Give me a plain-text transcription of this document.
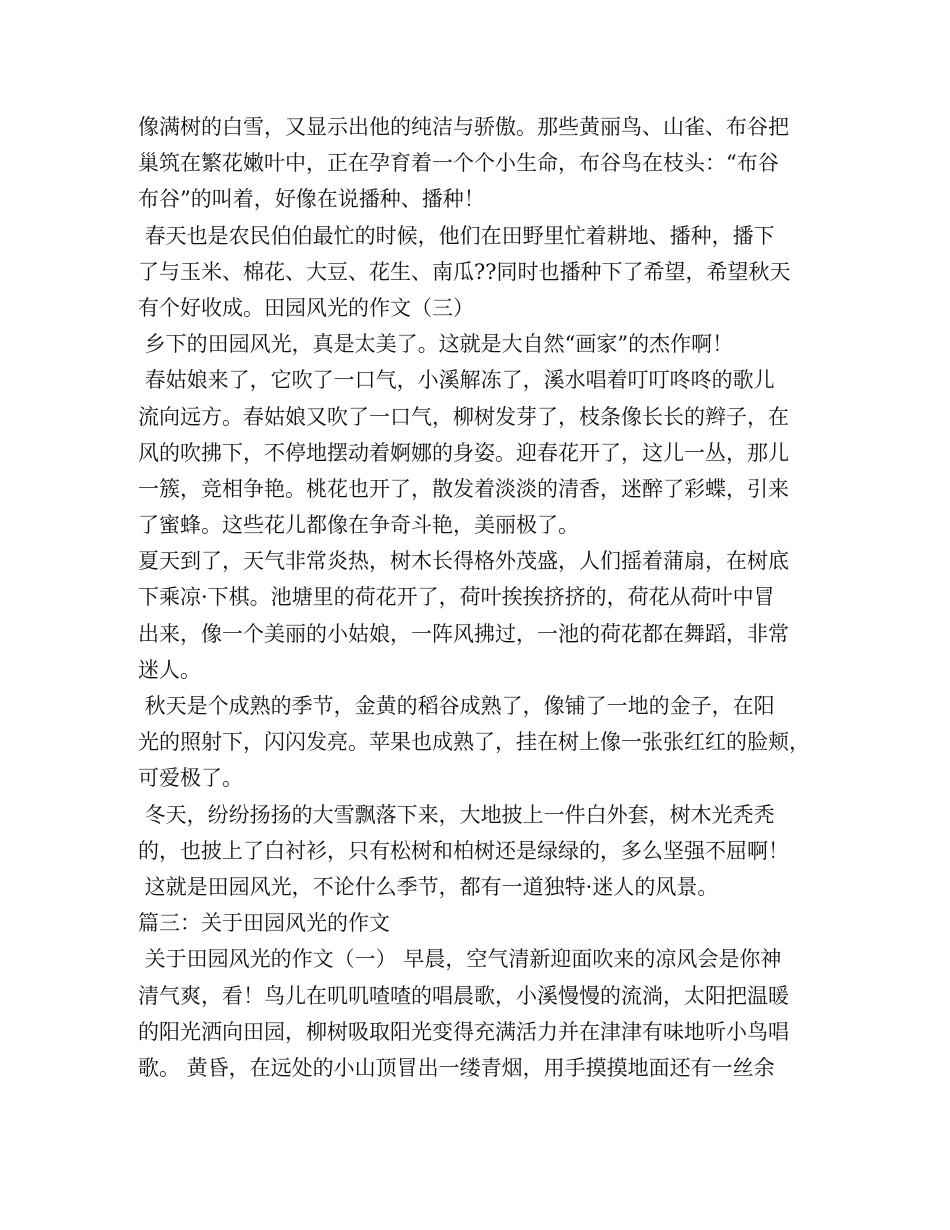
像满树的白雪，又显示出他的纯洁与骄傲。那些黄丽鸟、山雀、布谷把
巢筑在繁花嫩叶中，正在孕育着一个个小生命，布谷鸟在枝头：“布谷
布谷”的叫着，好像在说播种、播种！
春天也是农民伯伯最忙的时候，他们在田野里忙着耕地、播种，播下
了与玉米、棉花、大豆、花生、南瓜??同时也播种下了希望，希望秋天
有个好收成。田园风光的作文（三）
乡下的田园风光，真是太美了。这就是大自然“画家”的杰作啊！
春姑娘来了，它吹了一口气，小溪解冻了，溪水唱着叮叮咚咚的歌儿
流向远方。春姑娘又吹了一口气，柳树发芽了，枝条像长长的辫子，在
风的吹拂下，不停地摆动着婀娜的身姿。迎春花开了，这儿一丛，那儿
一簇，竞相争艳。桃花也开了，散发着淡淡的清香，迷醉了彩蝶，引来
了蜜蜂。这些花儿都像在争奇斗艳，美丽极了。
夏天到了，天气非常炎热，树木长得格外茂盛，人们摇着蒲扇，在树底
下乘凉·下棋。池塘里的荷花开了，荷叶挨挨挤挤的，荷花从荷叶中冒
出来，像一个美丽的小姑娘，一阵风拂过，一池的荷花都在舞蹈，非常
迷人。
秋天是个成熟的季节，金黄的稻谷成熟了，像铺了一地的金子，在阳
光的照射下，闪闪发亮。苹果也成熟了，挂在树上像一张张红红的脸颊，
可爱极了。
冬天，纷纷扬扬的大雪飘落下来，大地披上一件白外套，树木光秃秃
的，也披上了白衬衫，只有松树和柏树还是绿绿的，多么坚强不屈啊！
这就是田园风光，不论什么季节，都有一道独特·迷人的风景。
篇三：关于田园风光的作文
关于田园风光的作文（一） 早晨，空气清新迎面吹来的凉风会是你神
清气爽，看！鸟儿在叽叽喳喳的唱晨歌，小溪慢慢的流淌，太阳把温暖
的阳光洒向田园，柳树吸取阳光变得充满活力并在津津有味地听小鸟唱
歌。 黄昏，在远处的小山顶冒出一缕青烟，用手摸摸地面还有一丝余
